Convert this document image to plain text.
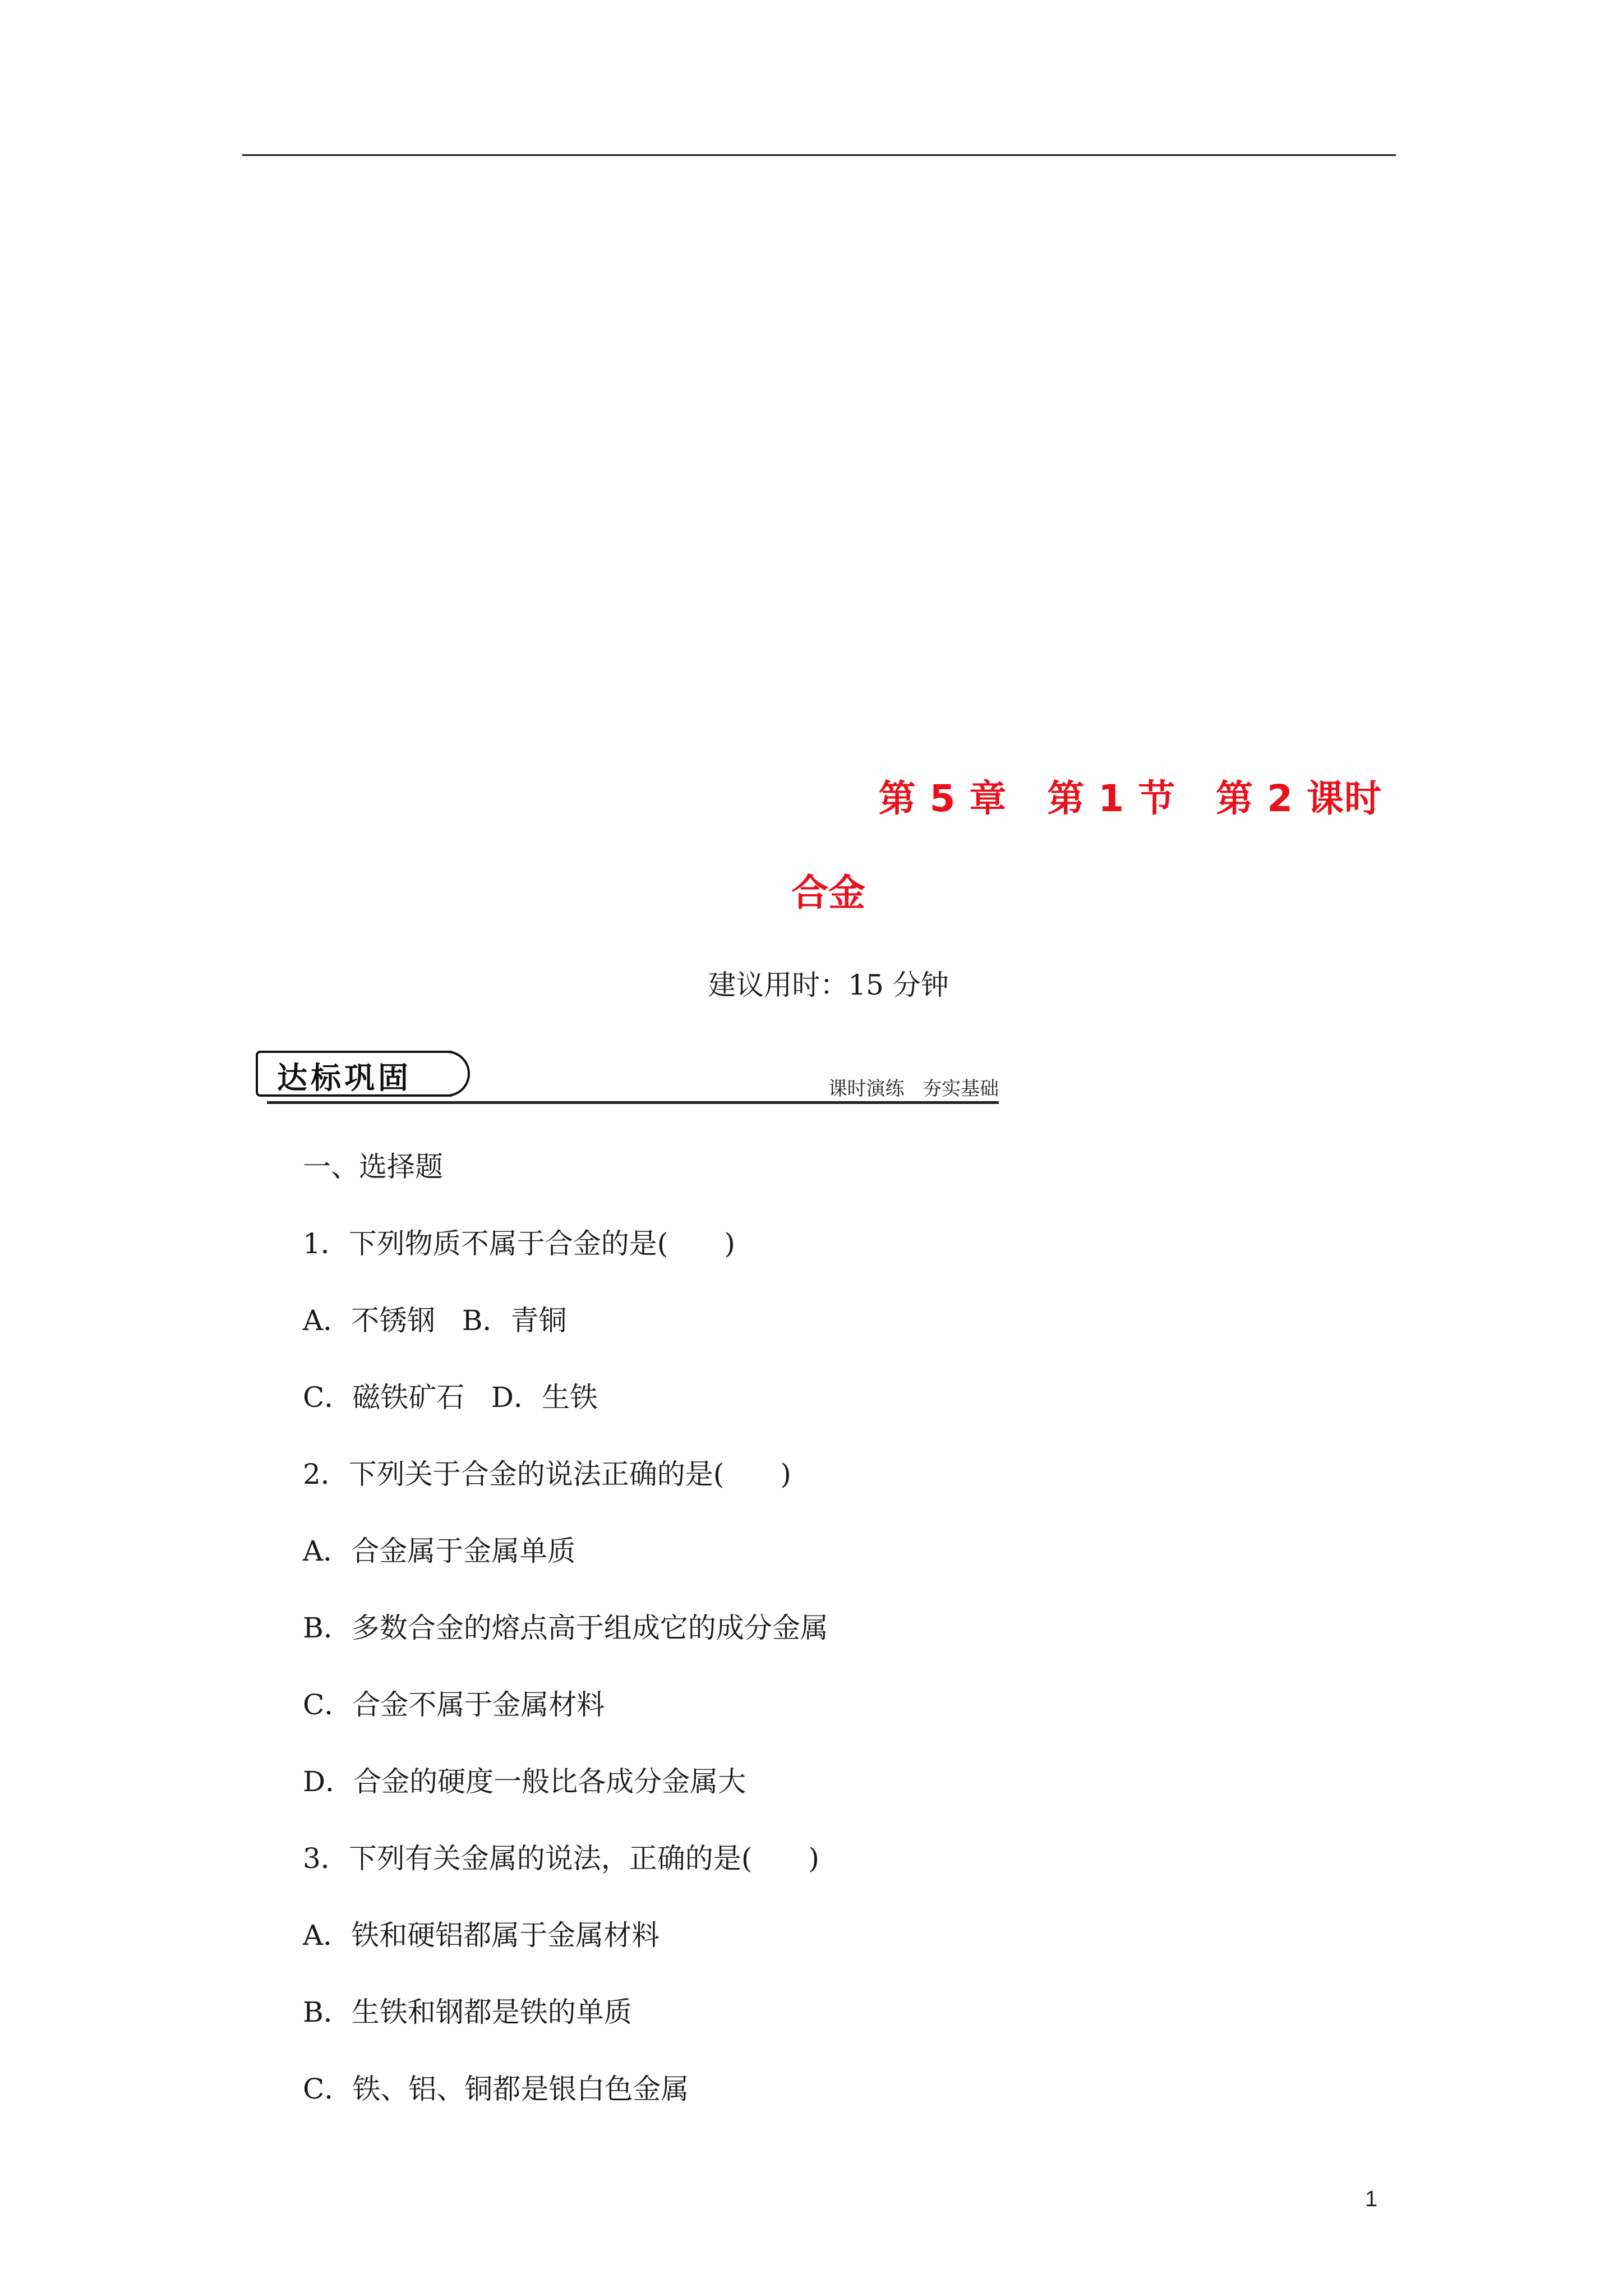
第 5 章   第 1 节   第 2 课时
合金
建议用时：15 分钟
达标巩固	课时演练   夯实基础
一、选择题
1．下列物质不属于合金的是(　　)
A．不锈钢   B．青铜
C．磁铁矿石   D．生铁
2．下列关于合金的说法正确的是(　　)
A．合金属于金属单质
B．多数合金的熔点高于组成它的成分金属
C．合金不属于金属材料
D．合金的硬度一般比各成分金属大
3．下列有关金属的说法，正确的是(　　)
A．铁和硬铝都属于金属材料
B．生铁和钢都是铁的单质
C．铁、铝、铜都是银白色金属
1
